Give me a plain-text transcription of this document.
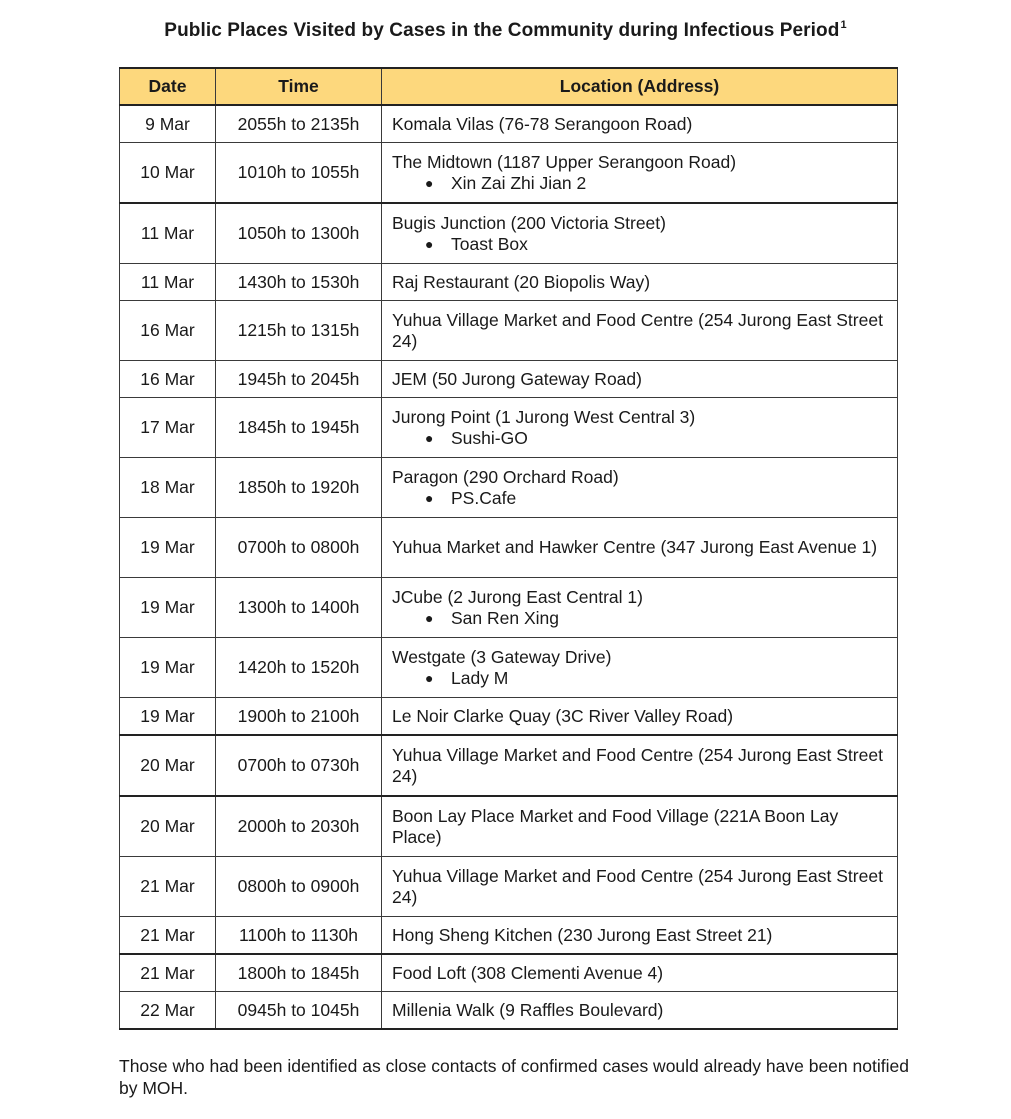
Public Places Visited by Cases in the Community during Infectious Period$^1$
Date	Time	Location (Address)
9 Mar	2055h to 2135h	Komala Vilas (76-78 Serangoon Road)

10 Mar	1010h to 1055h	The Midtown (1187 Upper Serangoon Road)
● Xin Zai Zhi Jian 2

11 Mar	1050h to 1300h	Bugis Junction (200 Victoria Street)
● Toast Box

11 Mar	1430h to 1530h	Raj Restaurant (20 Biopolis Way)

16 Mar	1215h to 1315h	Yuhua Village Market and Food Centre (254 Jurong East Street 24)

16 Mar	1945h to 2045h	JEM (50 Jurong Gateway Road)

17 Mar	1845h to 1945h	Jurong Point (1 Jurong West Central 3)
● Sushi-GO

18 Mar	1850h to 1920h	Paragon (290 Orchard Road)
● PS.Cafe

19 Mar	0700h to 0800h	Yuhua Market and Hawker Centre (347 Jurong East Avenue 1)

19 Mar	1300h to 1400h	JCube (2 Jurong East Central 1)
● San Ren Xing

19 Mar	1420h to 1520h	Westgate (3 Gateway Drive)
● Lady M

19 Mar	1900h to 2100h	Le Noir Clarke Quay (3C River Valley Road)

20 Mar	0700h to 0730h	Yuhua Village Market and Food Centre (254 Jurong East Street 24)

20 Mar	2000h to 2030h	Boon Lay Place Market and Food Village (221A Boon Lay Place)

21 Mar	0800h to 0900h	Yuhua Village Market and Food Centre (254 Jurong East Street 24)

21 Mar	1100h to 1130h	Hong Sheng Kitchen (230 Jurong East Street 21)

21 Mar	1800h to 1845h	Food Loft (308 Clementi Avenue 4)

22 Mar	0945h to 1045h	Millenia Walk (9 Raffles Boulevard)
Those who had been identified as close contacts of confirmed cases would already have been notified by MOH.
